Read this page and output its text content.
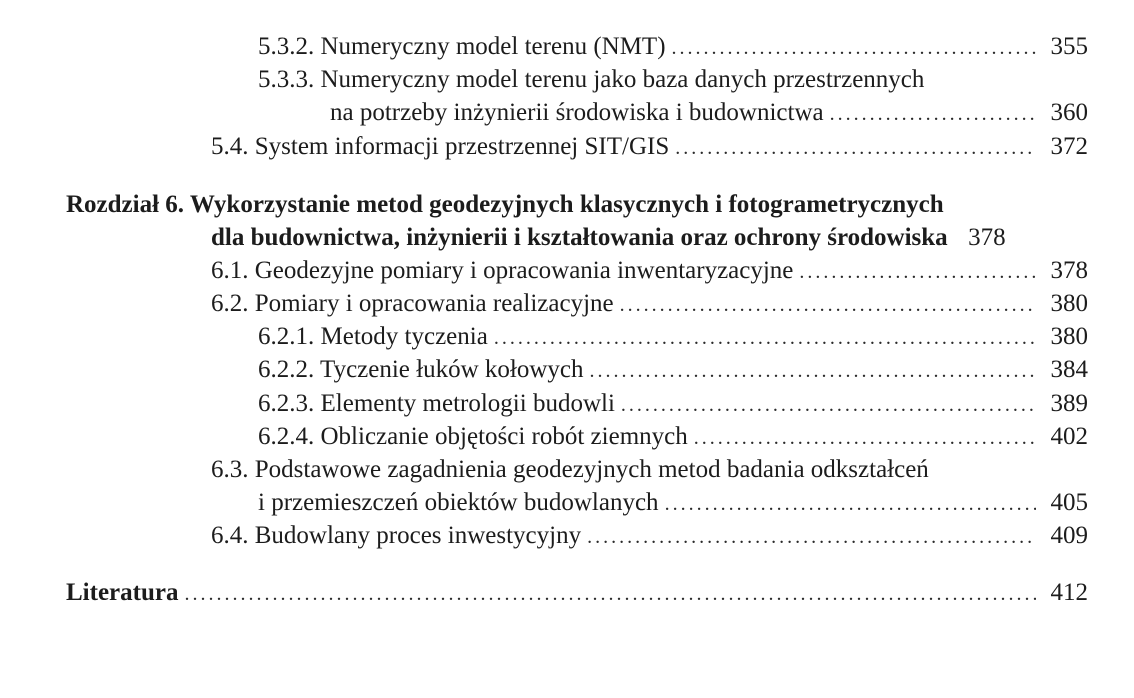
5.3.2. Numeryczny model terenu (NMT) . . .	355
5.3.3. Numeryczny model terenu jako baza danych przestrzennych
na potrzeby inżynierii środowiska i budownictwa . . .	360
5.4. System informacji przestrzennej SIT/GIS . . .	372
Rozdział 6. Wykorzystanie metod geodezyjnych klasycznych i fotogrametrycznych
dla budownictwa, inżynierii i kształtowania oraz ochrony środowiska 378
6.1. Geodezyjne pomiary i opracowania inwentaryzacyjne . . .	378
6.2. Pomiary i opracowania realizacyjne . . .	380
6.2.1. Metody tyczenia . . .	380
6.2.2. Tyczenie łuków kołowych . . .	384
6.2.3. Elementy metrologii budowli . . .	389
6.2.4. Obliczanie objętości robót ziemnych . . .	402
6.3. Podstawowe zagadnienia geodezyjnych metod badania odkształceń
i przemieszczeń obiektów budowlanych . . .	405
6.4. Budowlany proces inwestycyjny . . .	409
Literatura . . .	412
